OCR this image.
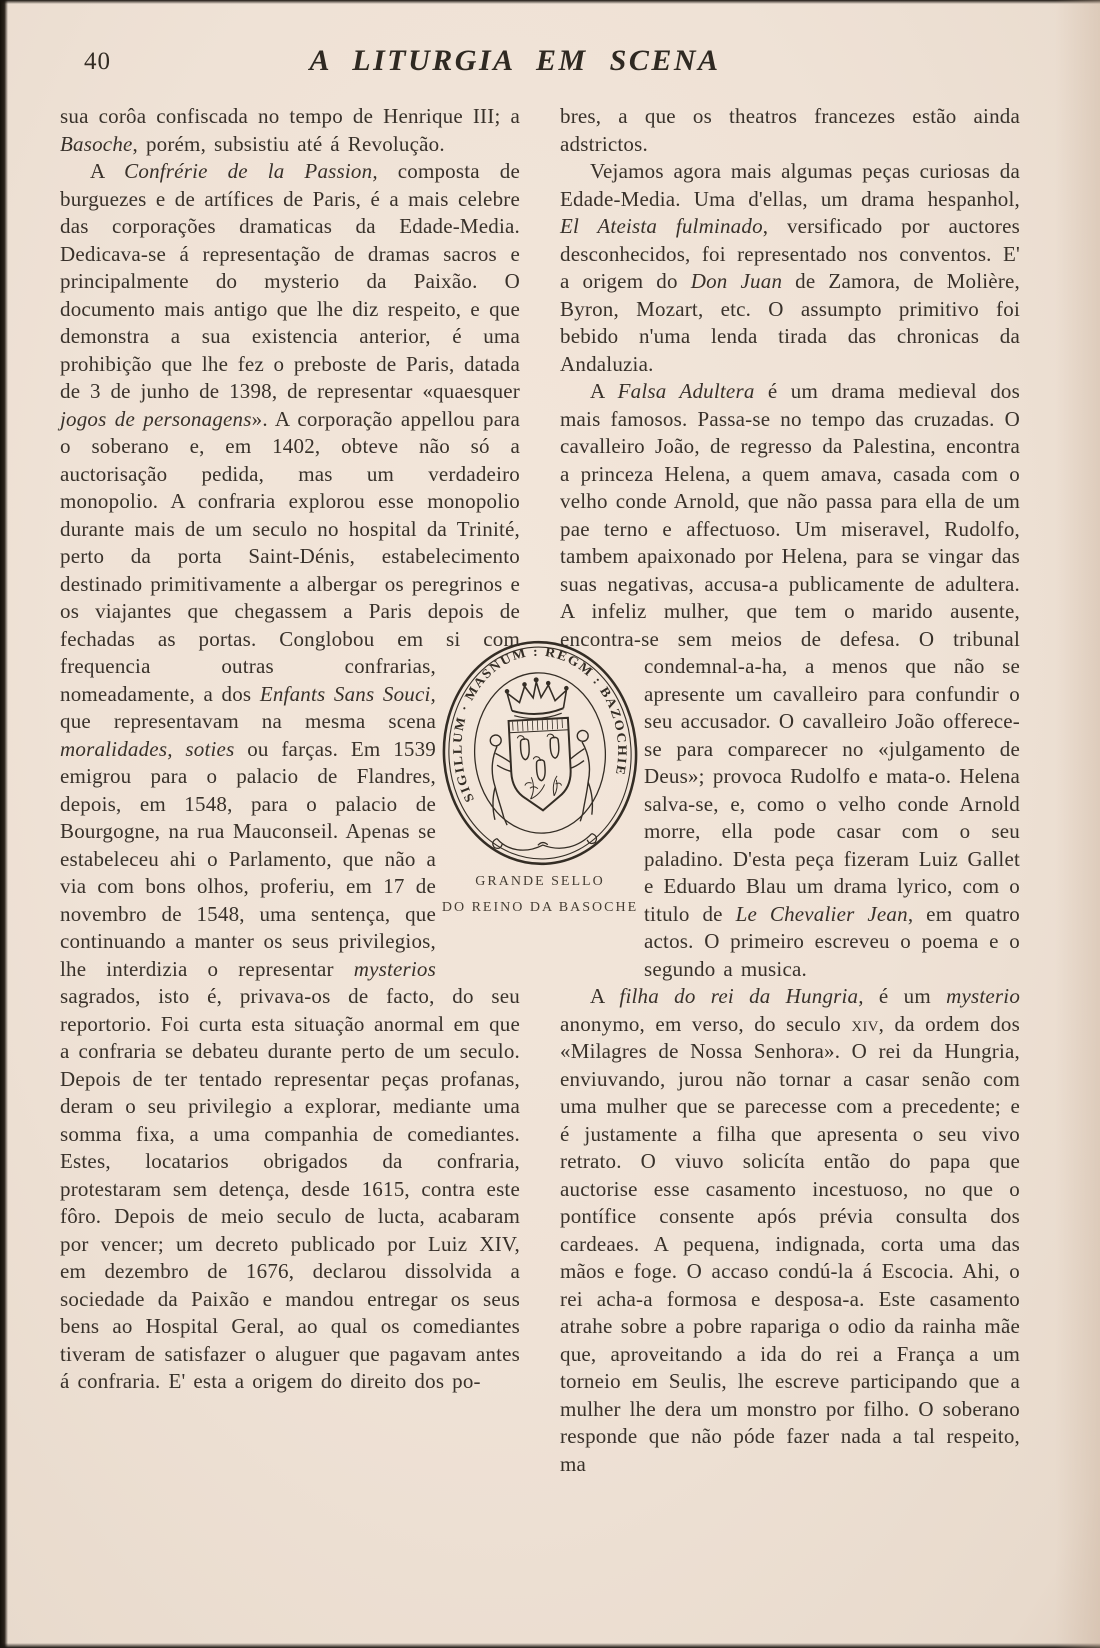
40	A LITURGIA EM SCENA

sua corôa confiscada no tempo de Henrique III; a Basoche, porém, subsistiu até á Revolução.

A Confrérie de la Passion, composta de burguezes e de artífices de Paris, é a mais celebre das corporações dramaticas da Edade-Media. Dedicava-se á representação de dramas sacros e principalmente do mysterio da Paixão. O documento mais antigo que lhe diz respeito, e que demonstra a sua existencia anterior, é uma prohibição que lhe fez o preboste de Paris, datada de 3 de junho de 1398, de representar «quaesquer jogos de personagens». A corporação appellou para o soberano e, em 1402, obteve não só a auctorisação pedida, mas um verdadeiro monopolio. A confraria explorou esse monopolio durante mais de um seculo no hospital da Trinité, perto da porta Saint-Dénis, estabelecimento destinado primitivamente a albergar os peregrinos e os viajantes que chegassem a Paris depois de fechadas as portas. Conglobou em si com frequencia outras confrarias, nomeadamente, a dos Enfants Sans Souci, que representavam na mesma scena moralidades, soties ou farças. Em 1539 emigrou para o palacio de Flandres, depois, em 1548, para o palacio de Bourgogne, na rua Mauconseil. Apenas se estabeleceu ahi o Parlamento, que não a via com bons olhos, proferiu, em 17 de novembro de 1548, uma sentença, que continuando a manter os seus privilegios, lhe interdizia o representar mysterios sagrados, isto é, privava-os de facto, do seu reportorio. Foi curta esta situação anormal em que a confraria se debateu durante perto de um seculo. Depois de ter tentado representar peças profanas, deram o seu privilegio a explorar, mediante uma somma fixa, a uma companhia de comediantes. Estes, locatarios obrigados da confraria, protestaram sem detença, desde 1615, contra este fôro. Depois de meio seculo de lucta, acabaram por vencer; um decreto publicado por Luiz XIV, em dezembro de 1676, declarou dissolvida a sociedade da Paixão e mandou entregar os seus bens ao Hospital Geral, ao qual os comediantes tiveram de satisfazer o aluguer que pagavam antes á confraria. E' esta a origem do direito dos po-

bres, a que os theatros francezes estão ainda adstrictos.

Vejamos agora mais algumas peças curiosas da Edade-Media. Uma d'ellas, um drama hespanhol, El Ateista fulminado, versificado por auctores desconhecidos, foi representado nos conventos. E' a origem do Don Juan de Zamora, de Molière, Byron, Mozart, etc. O assumpto primitivo foi bebido n'uma lenda tirada das chronicas da Andaluzia.

A Falsa Adultera é um drama medieval dos mais famosos. Passa-se no tempo das cruzadas. O cavalleiro João, de regresso da Palestina, encontra a princeza Helena, a quem amava, casada com o velho conde Arnold, que não passa para ella de um pae terno e affectuoso. Um miseravel, Rudolfo, tambem apaixonado por Helena, para se vingar das suas negativas, accusa-a publicamente de adultera. A infeliz mulher, que tem o marido ausente, encontra-se sem meios de defesa. O tribunal condemnal-a-ha, a menos que não se apresente um cavalleiro para confundir o seu accusador. O cavalleiro João offerece-se para comparecer no «julgamento de Deus»; provoca Rudolfo e mata-o. Helena salva-se, e, como o velho conde Arnold morre, ella pode casar com o seu paladino. D'esta peça fizeram Luiz Gallet e Eduardo Blau um drama lyrico, com o titulo de Le Chevalier Jean, em quatro actos. O primeiro escreveu o poema e o segundo a musica.

A filha do rei da Hungria, é um mysterio anonymo, em verso, do seculo xiv, da ordem dos «Milagres de Nossa Senhora». O rei da Hungria, enviuvando, jurou não tornar a casar senão com uma mulher que se parecesse com a precedente; e é justamente a filha que apresenta o seu vivo retrato. O viuvo solicíta então do papa que auctorise esse casamento incestuoso, no que o pontífice consente após prévia consulta dos cardeaes. A pequena, indignada, corta uma das mãos e foge. O accaso condú-la á Escocia. Ahi, o rei acha-a formosa e desposa-a. Este casamento atrahe sobre a pobre rapariga o odio da rainha mãe que, aproveitando a ida do rei a França a um torneio em Seulis, lhe escreve participando que a mulher lhe dera um monstro por filho. O soberano responde que não póde fazer nada a tal respeito, ma

SIGILLUM · MASNUM : REGM : BAZOCHIE
GRANDE SELLO
DO REINO DA BASOCHE
